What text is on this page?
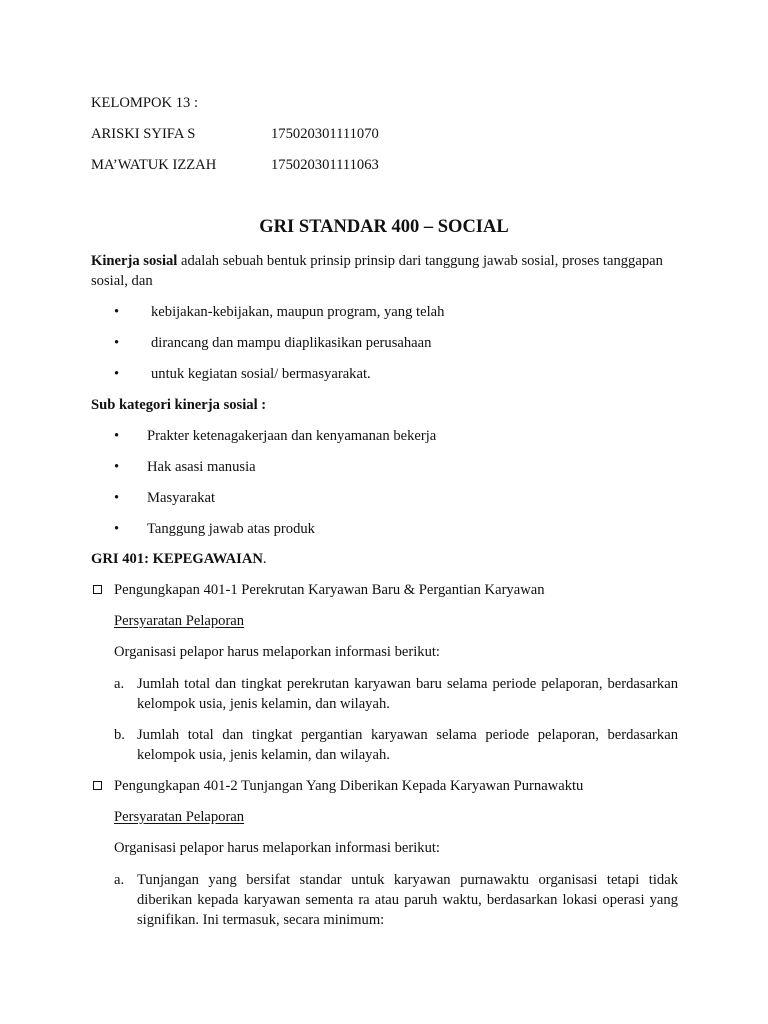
KELOMPOK 13 :
ARISKI SYIFA S	175020301111070
MA’WATUK IZZAH	175020301111063
GRI STANDAR 400 – SOCIAL
Kinerja sosial adalah sebuah bentuk prinsip prinsip dari tanggung jawab sosial, proses tanggapan
sosial, dan
• kebijakan-kebijakan, maupun program, yang telah
• dirancang dan mampu diaplikasikan perusahaan
• untuk kegiatan sosial/ bermasyarakat.
Sub kategori kinerja sosial :
• Prakter ketenagakerjaan dan kenyamanan bekerja
• Hak asasi manusia
• Masyarakat
• Tanggung jawab atas produk
GRI 401: KEPEGAWAIAN.
Pengungkapan 401-1 Perekrutan Karyawan Baru & Pergantian Karyawan
Persyaratan Pelaporan
Organisasi pelapor harus melaporkan informasi berikut:
a. Jumlah total dan tingkat perekrutan karyawan baru selama periode pelaporan, berdasarkan
kelompok usia, jenis kelamin, dan wilayah.
b. Jumlah total dan tingkat pergantian karyawan selama periode pelaporan, berdasarkan
kelompok usia, jenis kelamin, dan wilayah.
Pengungkapan 401-2 Tunjangan Yang Diberikan Kepada Karyawan Purnawaktu
Persyaratan Pelaporan
Organisasi pelapor harus melaporkan informasi berikut:
a. Tunjangan yang bersifat standar untuk karyawan purnawaktu organisasi tetapi tidak
diberikan kepada karyawan sementa ra atau paruh waktu, berdasarkan lokasi operasi yang
signifikan. Ini termasuk, secara minimum:
